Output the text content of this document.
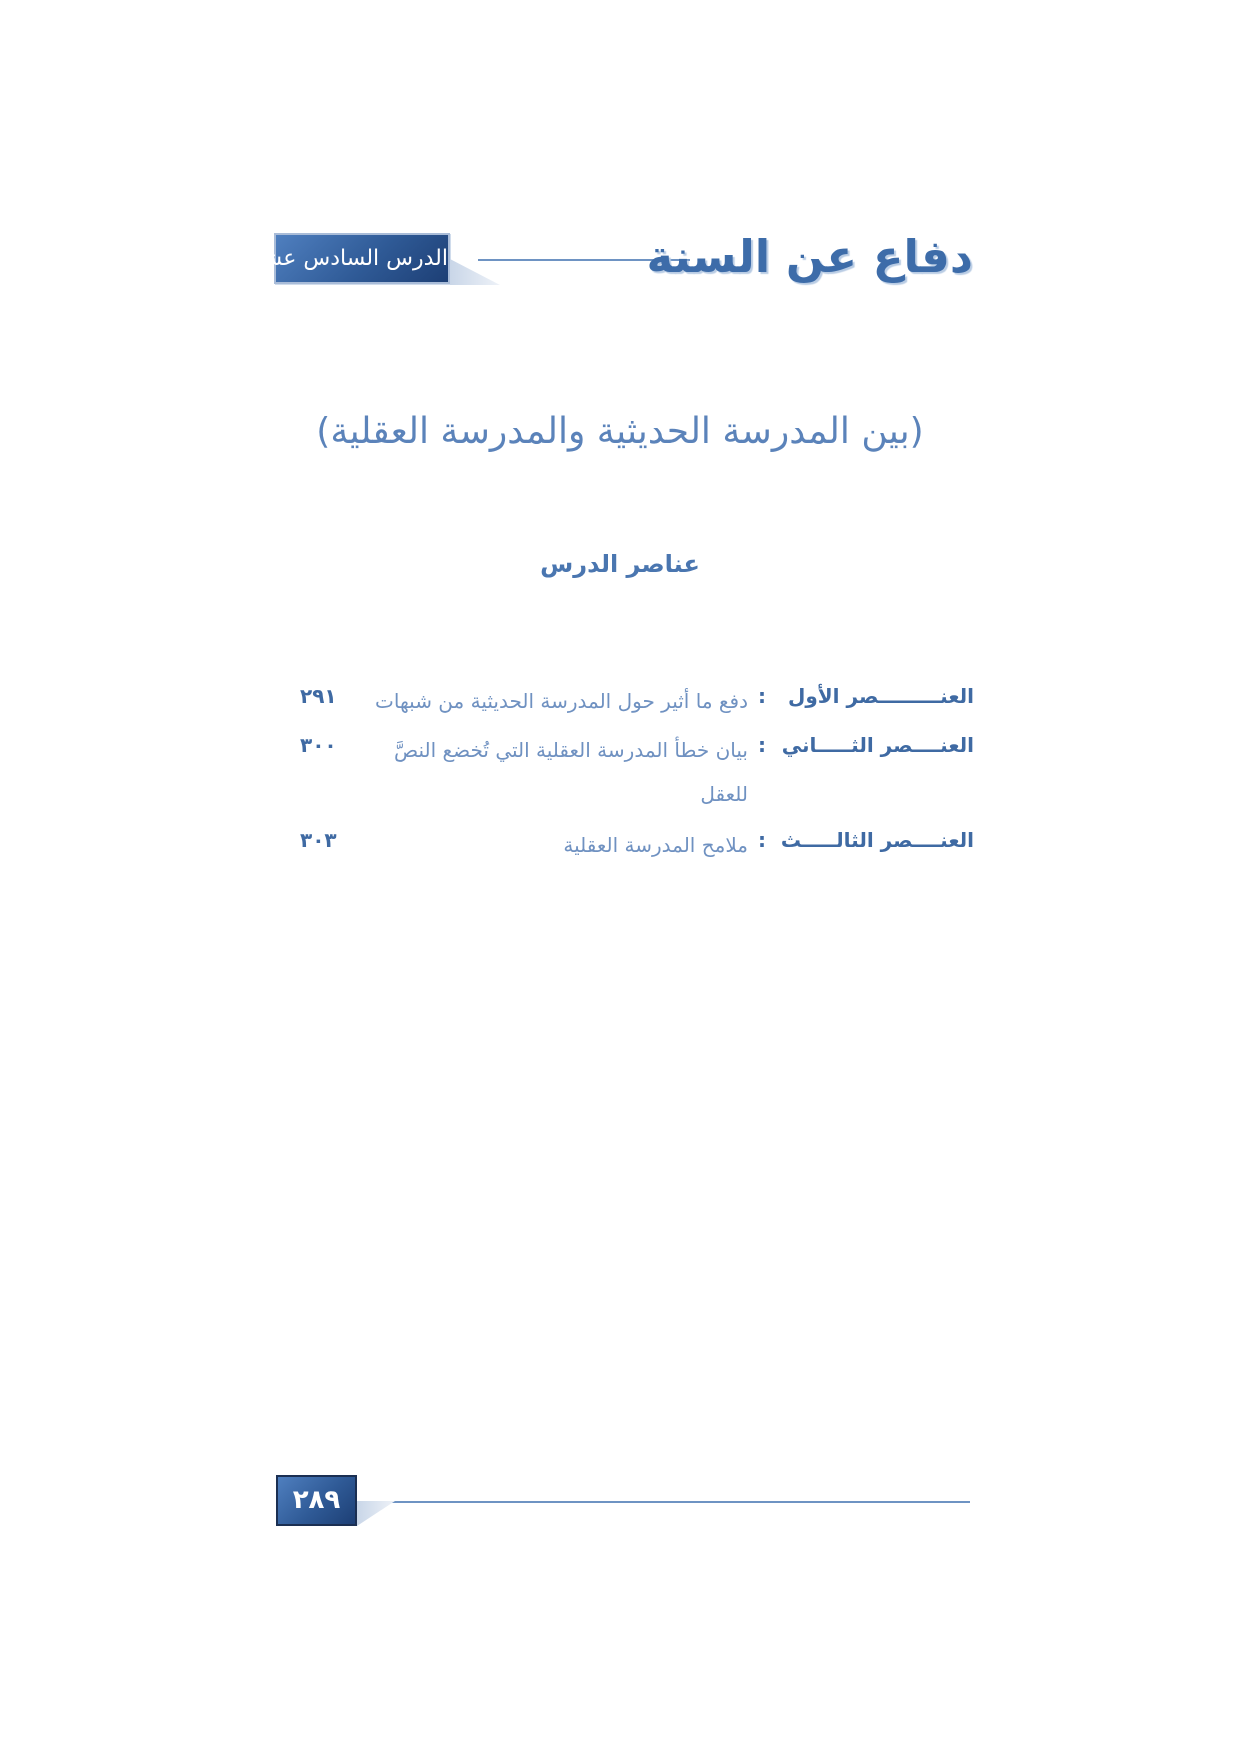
الدرس السادس عشر	دفاع عن السنة
(بين المدرسة الحديثية والمدرسة العقلية)
عناصر الدرس
العنـــــــــصر الأول
:
دفع ما أثير حول المدرسة الحديثية من شبهات
٢٩١
العنــــصر الثـــــاني
:
بيان خطأ المدرسة العقلية التي تُخضع النصَّ للعقل
٣٠٠
العنــــصر الثالـــــث
:
ملامح المدرسة العقلية
٣٠٣
٢٨٩
